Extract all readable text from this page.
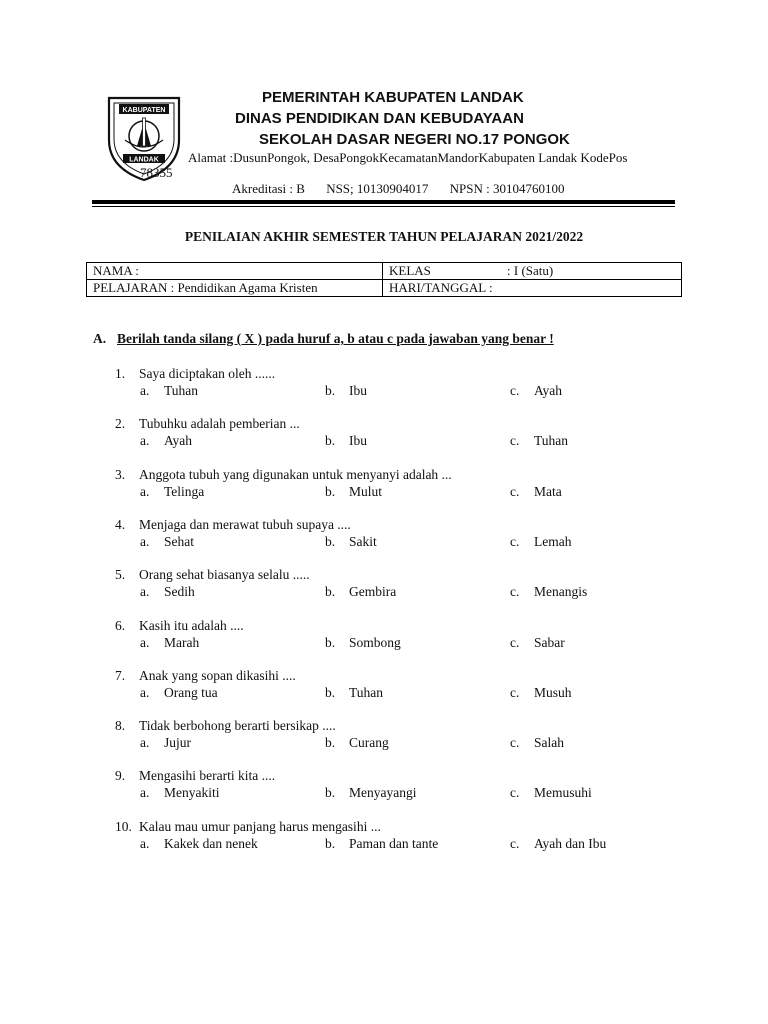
KABUPATEN
LANDAK
PEMERINTAH KABUPATEN LANDAK
DINAS PENDIDIKAN DAN KEBUDAYAAN
SEKOLAH DASAR NEGERI NO.17 PONGOK
Alamat :DusunPongok, DesaPongokKecamatanMandorKabupaten Landak KodePos
78355
Akreditasi : B NSS; 10130904017 NPSN : 30104760100
PENILAIAN AKHIR SEMESTER TAHUN PELAJARAN 2021/2022
NAMA :	KELAS : I (Satu)
PELAJARAN : Pendidikan Agama Kristen	HARI/TANGGAL :
A. Berilah tanda silang ( X ) pada huruf a, b atau c pada jawaban yang benar !
1. Saya diciptakan oleh ......
a. Tuhan	b. Ibu	c. Ayah
2. Tubuhku adalah pemberian ...
a. Ayah	b. Ibu	c. Tuhan
3. Anggota tubuh yang digunakan untuk menyanyi adalah ...
a. Telinga	b. Mulut	c. Mata
4. Menjaga dan merawat tubuh supaya ....
a. Sehat	b. Sakit	c. Lemah
5. Orang sehat biasanya selalu .....
a. Sedih	b. Gembira	c. Menangis
6. Kasih itu adalah ....
a. Marah	b. Sombong	c. Sabar
7. Anak yang sopan dikasihi ....
a. Orang tua	b. Tuhan	c. Musuh
8. Tidak berbohong berarti bersikap ....
a. Jujur	b. Curang	c. Salah
9. Mengasihi berarti kita ....
a. Menyakiti	b. Menyayangi	c. Memusuhi
10. Kalau mau umur panjang harus mengasihi ...
a. Kakek dan nenek	b. Paman dan tante	c. Ayah dan Ibu
